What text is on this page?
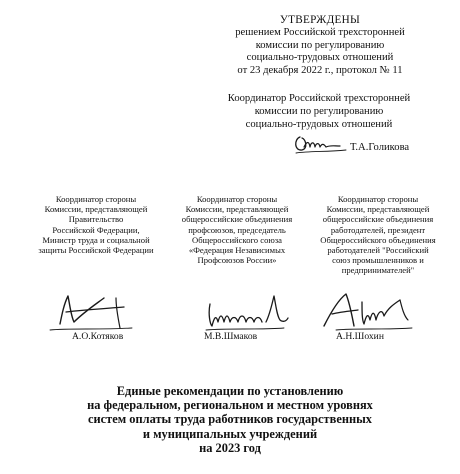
УТВЕРЖДЕНЫ
решением Российской трехсторонней
комиссии по регулированию
социально-трудовых отношений
от 23 декабря 2022 г., протокол № 11
Координатор Российской трехсторонней
комиссии по регулированию
социально-трудовых отношений
Т.А.Голикова
Координатор стороны
Комиссии, представляющей
Правительство
Российской Федерации,
Министр труда и социальной
защиты Российской Федерации
Координатор стороны
Комиссии, представляющей
общероссийские объединения
профсоюзов, председатель
Общероссийского союза
«Федерация Независимых
Профсоюзов России»
Координатор стороны
Комиссии, представляющей
общероссийские объединения
работодателей, президент
Общероссийского объединения
работодателей "Российский
союз промышленников и
предпринимателей"
А.О.Котяков	М.В.Шмаков	А.Н.Шохин
Единые рекомендации по установлению
на федеральном, региональном и местном уровнях
систем оплаты труда работников государственных
и муниципальных учреждений
на 2023 год
